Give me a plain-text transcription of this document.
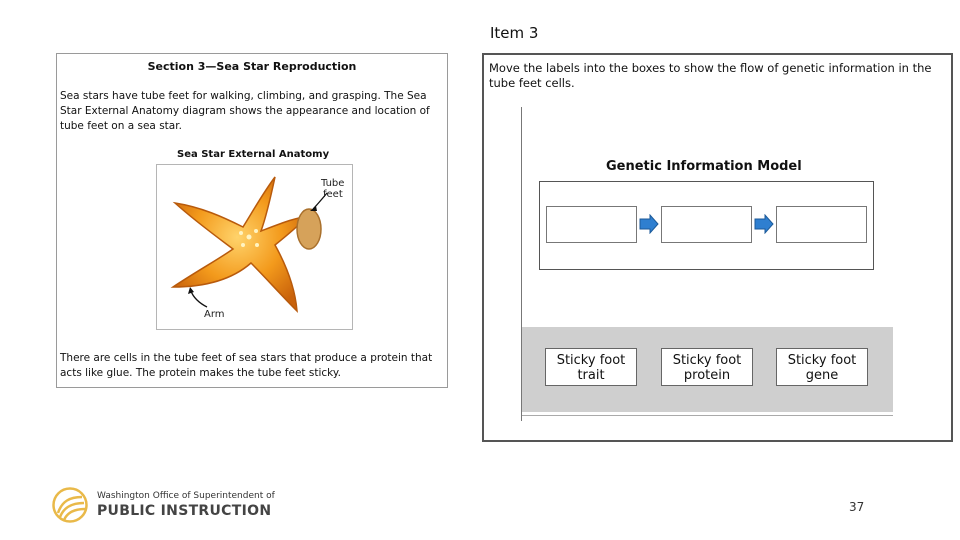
Item 3
Section 3—Sea Star Reproduction
Sea stars have tube feet for walking, climbing, and grasping. The Sea Star External Anatomy diagram shows the appearance and location of tube feet on a sea star.
Sea Star External Anatomy
Tube
feet
Arm
There are cells in the tube feet of sea stars that produce a protein that acts like glue. The protein makes the tube feet sticky.
Move the labels into the boxes to show the flow of genetic information in the tube feet cells.
Genetic Information Model
Sticky foot
trait
Sticky foot
protein
Sticky foot
gene
Washington Office of Superintendent of
PUBLIC INSTRUCTION	37
